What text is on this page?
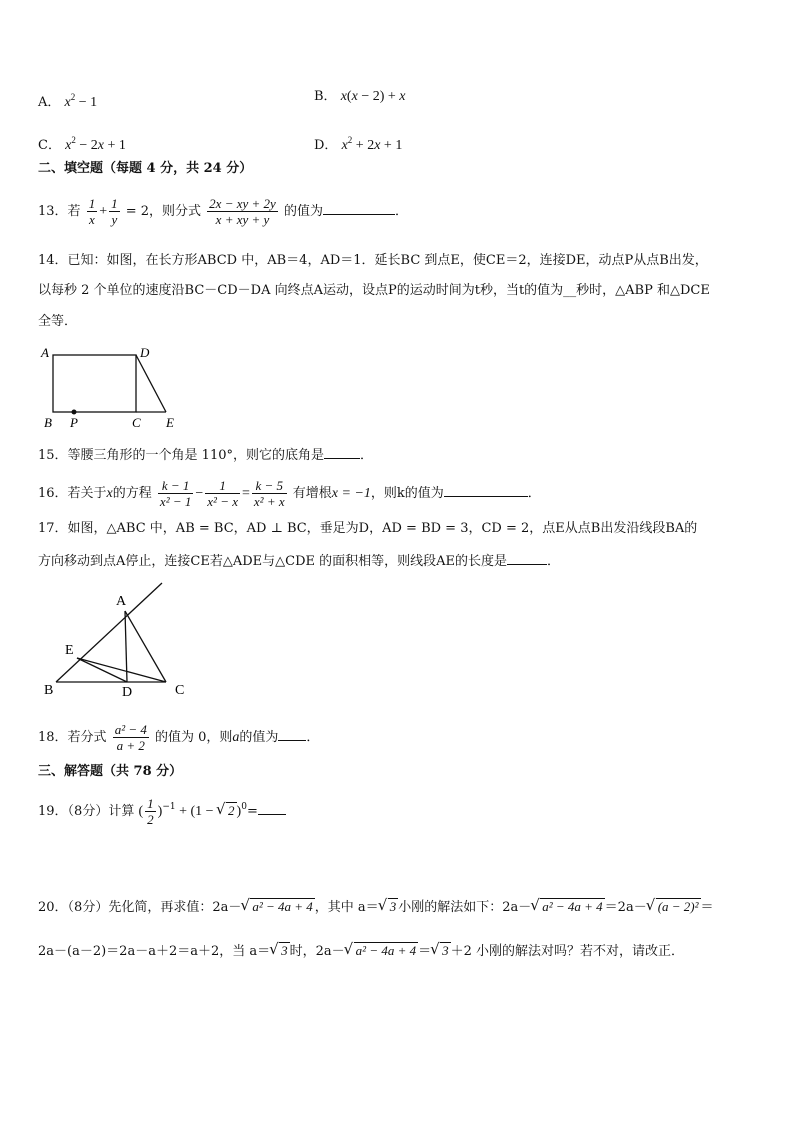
A． $x^2 - 1$	B． x(x − 2) + x
C． $x^2 - 2x + 1$	D． $x^2 + 2x + 1$
二、填空题（每题 4 分，共 24 分）
13．若 $\frac{1}{x} + \frac{1}{y} = 2$，则分式 $\frac{2x - xy + 2y}{x + xy + y}$ 的值为	．
14．已知：如图，在长方形ABCD 中，AB＝4，AD＝1．延长BC 到点E，使CE＝2，连接DE，动点P从点B出发，
以每秒 2 个单位的速度沿BC－CD－DA 向终点A运动，设点P的运动时间为t秒，当t的值为__秒时，△ABP 和△DCE
全等．
A	D
B P	C E
15．等腰三角形的一个角是 110°，则它的底角是	．
16．若关于x的方程 $\frac{k - 1}{\text{x² − 1}} - \frac{1}{\text{x² − x}} = \frac{k - 5}{\text{x² + x}}$ 有增根x = −1，则k的值为	．
17．如图，△ABC 中，AB = BC，AD ⊥ BC，垂足为D，AD = BD = 3，CD = 2，点E从点B出发沿线段BA的
方向移动到点A停止，连接CE若△ADE与△CDE 的面积相等，则线段AE的长度是	．
A
E
B	D	C
18．若分式 $\frac{\text{a² − 4}}{a + 2}$ 的值为 0，则a的值为 ．
三、解答题（共 78 分）
19．（8分）计算 ( $\frac{1}{2} )^{-1} + (1$ − √ 2 )$^0$=
20．（8分）先化简，再求值：2a－ √ a² − 4a + 4 ，其中 a＝ √ 3 小刚的解法如下：2a－ √ a² − 4a + 4 ＝2a－ √ (a − 2)² ＝
2a－(a－2)＝2a－a＋2＝a＋2，当 a＝ √ 3 时，2a－ √ a² − 4a + 4 ＝ √ 3 ＋2 小刚的解法对吗？若不对，请改正．
